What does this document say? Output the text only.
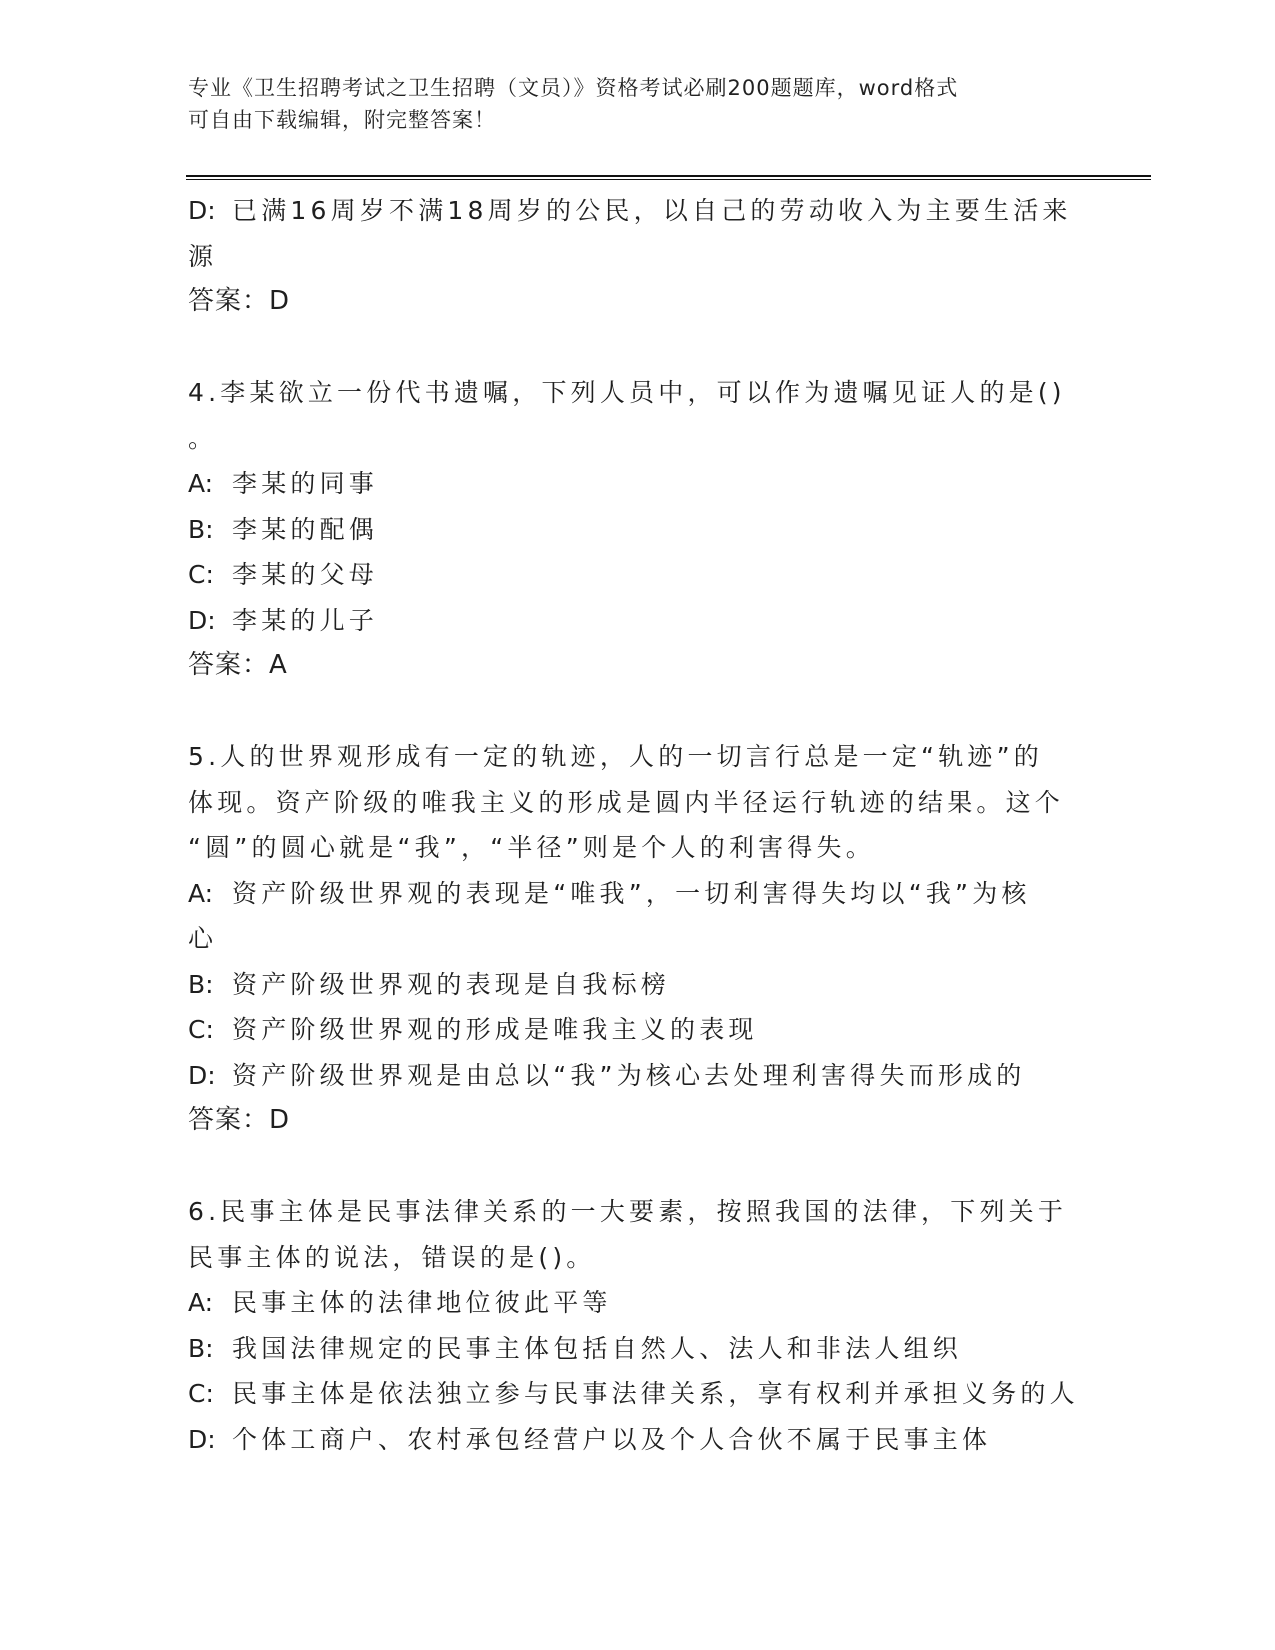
专业《卫生招聘考试之卫生招聘（文员）》资格考试必刷200题题库，word格式
可自由下载编辑，附完整答案！
D: 已满16周岁不满18周岁的公民，以自己的劳动收入为主要生活来
源
答案：D
4.李某欲立一份代书遗嘱，下列人员中，可以作为遗嘱见证人的是()
。
A: 李某的同事
B: 李某的配偶
C: 李某的父母
D: 李某的儿子
答案：A
5.人的世界观形成有一定的轨迹，人的一切言行总是一定“轨迹”的
体现。资产阶级的唯我主义的形成是圆内半径运行轨迹的结果。这个
“圆”的圆心就是“我”，“半径”则是个人的利害得失。
A: 资产阶级世界观的表现是“唯我”，一切利害得失均以“我”为核
心
B: 资产阶级世界观的表现是自我标榜
C: 资产阶级世界观的形成是唯我主义的表现
D: 资产阶级世界观是由总以“我”为核心去处理利害得失而形成的
答案：D
6.民事主体是民事法律关系的一大要素，按照我国的法律，下列关于
民事主体的说法，错误的是()。
A: 民事主体的法律地位彼此平等
B: 我国法律规定的民事主体包括自然人、法人和非法人组织
C: 民事主体是依法独立参与民事法律关系，享有权利并承担义务的人
D: 个体工商户、农村承包经营户以及个人合伙不属于民事主体
